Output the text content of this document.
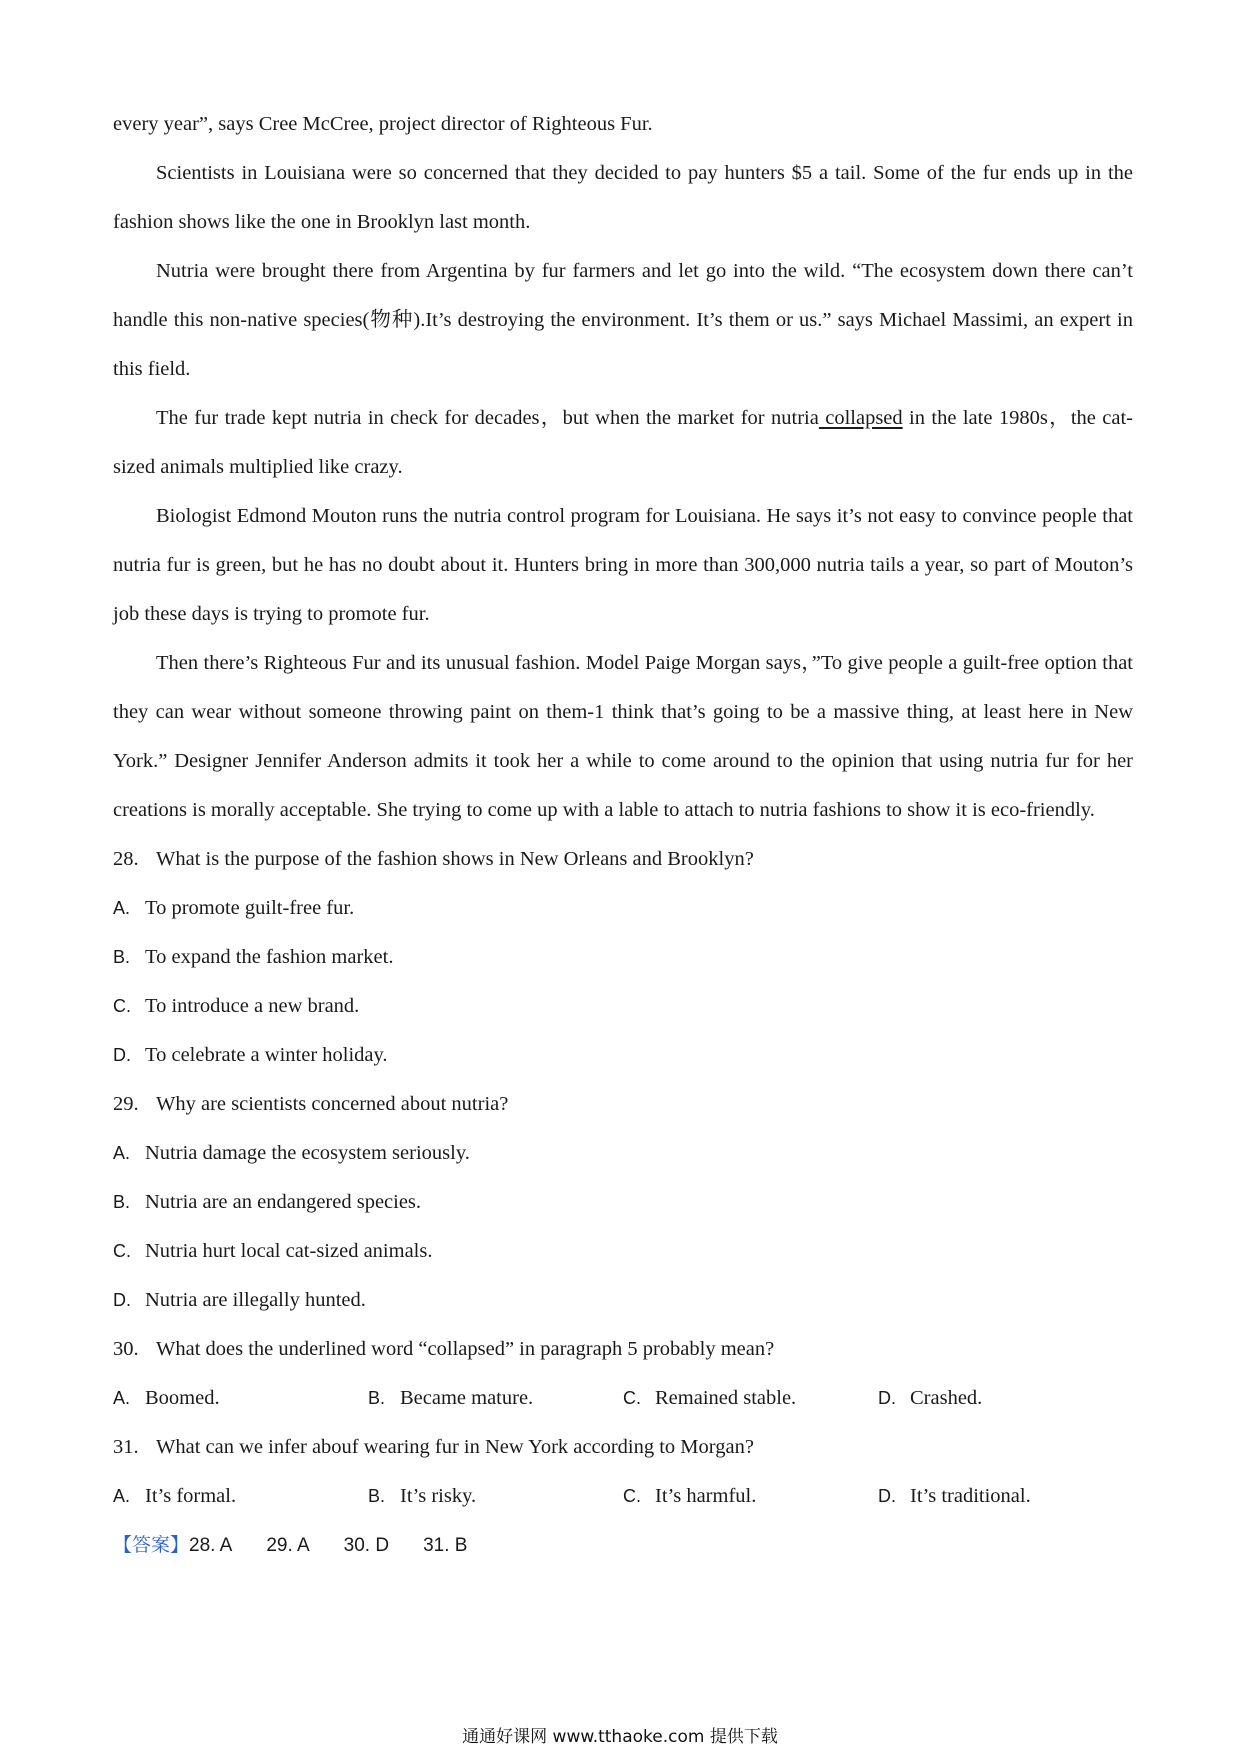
every year”, says Cree McCree, project director of Righteous Fur.

Scientists in Louisiana were so concerned that they decided to pay hunters $5 a tail. Some of the fur ends up in the fashion shows like the one in Brooklyn last month.

Nutria were brought there from Argentina by fur farmers and let go into the wild. “The ecosystem down there can’t handle this non-native species(物种).It’s destroying the environment. It’s them or us.” says Michael Massimi, an expert in this field.

The fur trade kept nutria in check for decades，but when the market for nutria collapsed in the late 1980s，the cat-sized animals multiplied like crazy.

Biologist Edmond Mouton runs the nutria control program for Louisiana. He says it’s not easy to convince people that nutria fur is green, but he has no doubt about it. Hunters bring in more than 300,000 nutria tails a year, so part of Mouton’s job these days is trying to promote fur.

Then there’s Righteous Fur and its unusual fashion. Model Paige Morgan says，”To give people a guilt-free option that they can wear without someone throwing paint on them-1 think that’s going to be a massive thing, at least here in New York.” Designer Jennifer Anderson admits it took her a while to come around to the opinion that using nutria fur for her creations is morally acceptable. She trying to come up with a lable to attach to nutria fashions to show it is eco-friendly.

28. What is the purpose of the fashion shows in New Orleans and Brooklyn?

A. To promote guilt-free fur.

B. To expand the fashion market.

C. To introduce a new brand.

D. To celebrate a winter holiday.

29. Why are scientists concerned about nutria?

A. Nutria damage the ecosystem seriously.

B. Nutria are an endangered species.

C. Nutria hurt local cat-sized animals.

D. Nutria are illegally hunted.

30. What does the underlined word “collapsed” in paragraph 5 probably mean?

A. Boomed.	B. Became mature.	C. Remained stable.	D. Crashed.

31. What can we infer abouf wearing fur in New York according to Morgan?

A. It’s formal.	B. It’s risky.	C. It’s harmful.	D. It’s traditional.

【答案】28. A 29. A 30. D 31. B

通通好课网 www.tthaoke.com 提供下载
